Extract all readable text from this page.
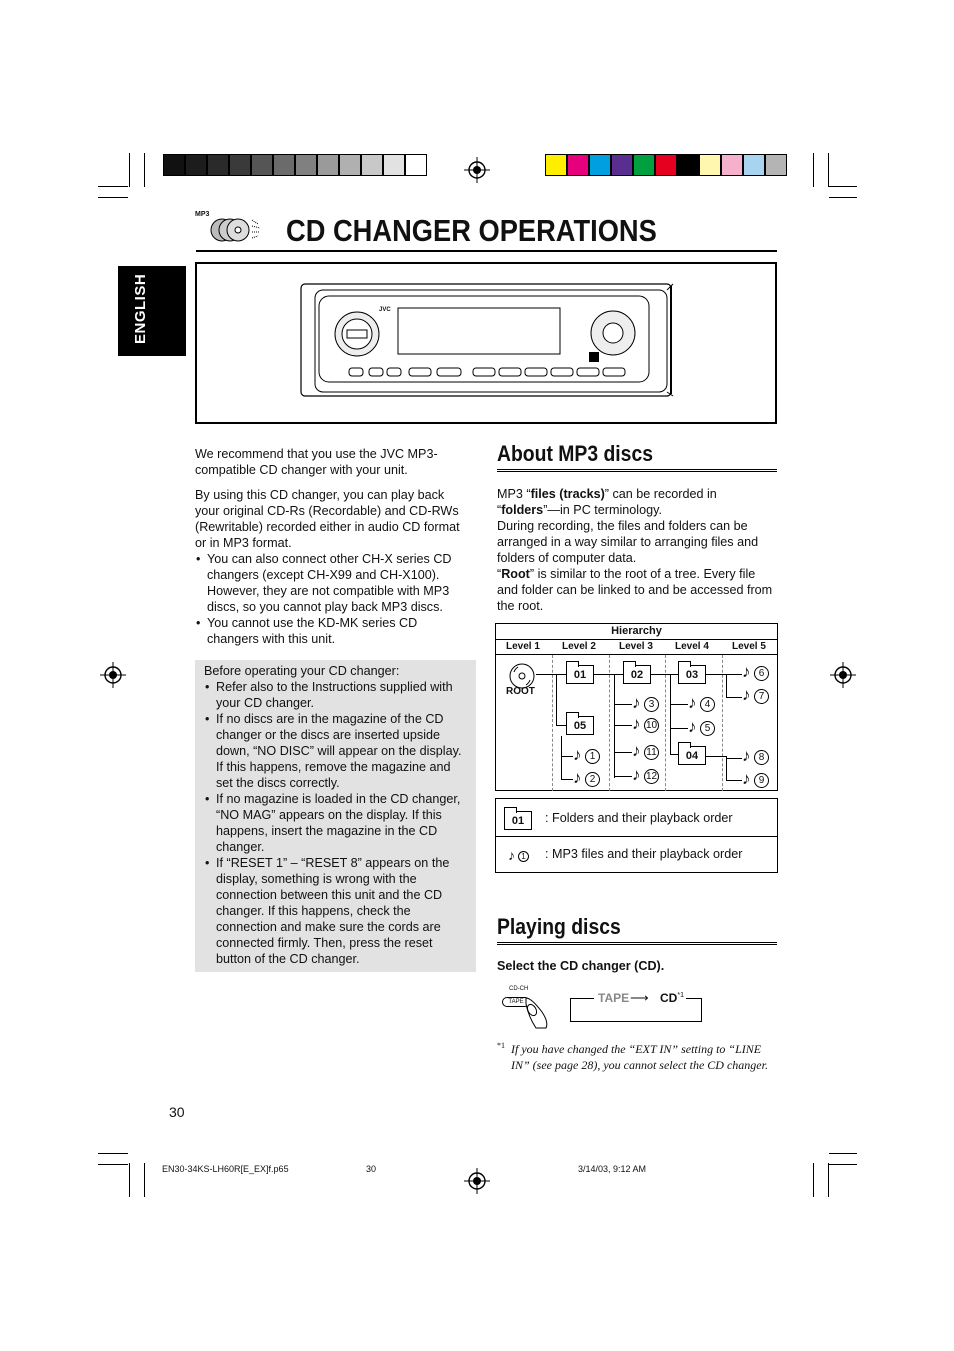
MP3 CD CHANGER OPERATIONS
ENGLISH	JVC
We recommend that you use the JVC MP3-compatible CD changer with your unit.
By using this CD changer, you can play back your original CD-Rs (Recordable) and CD-RWs (Rewritable) recorded either in audio CD format or in MP3 format.
• You can also connect other CH-X series CD changers (except CH-X99 and CH-X100). However, they are not compatible with MP3 discs, so you cannot play back MP3 discs.
• You cannot use the KD-MK series CD changers with this unit.
Before operating your CD changer:
• Refer also to the Instructions supplied with your CD changer.
• If no discs are in the magazine of the CD changer or the discs are inserted upside down, “NO DISC” will appear on the display. If this happens, remove the magazine and set the discs correctly.
• If no magazine is loaded in the CD changer, “NO MAG” appears on the display. If this happens, insert the magazine in the CD changer.
• If “RESET 1” – “RESET 8” appears on the display, something is wrong with the connection between this unit and the CD changer. If this happens, check the connection and make sure the cords are connected firmly. Then, press the reset button of the CD changer.
About MP3 discs
MP3 “files (tracks)” can be recorded in “folders”—in PC terminology.
During recording, the files and folders can be arranged in a way similar to arranging files and folders of computer data.
“Root” is similar to the root of a tree. Every file and folder can be linked to and be accessed from the root.
Hierarchy
Level 1 Level 2 Level 3 Level 4 Level 5
ROOT
01	02	03
05
04
♪ 1
♪ 2
♪ 3 ♪ 4
♪ 5
♪ 6
♪ 7
♪ 8
♪ 9
♪ 10
♪ 11
♪ 12
01	: Folders and their playback order
♪ 1 : MP3 files and their playback order
Playing discs
Select the CD changer (CD).
CD-CH
TAPE	TAPE ⟶ CD$^{*1}$
*1 If you have changed the “EXT IN” setting to “LINE IN” (see page 28), you cannot select the CD changer.
30
EN30-34KS-LH60R[E_EX]f.p65	30	3/14/03, 9:12 AM
